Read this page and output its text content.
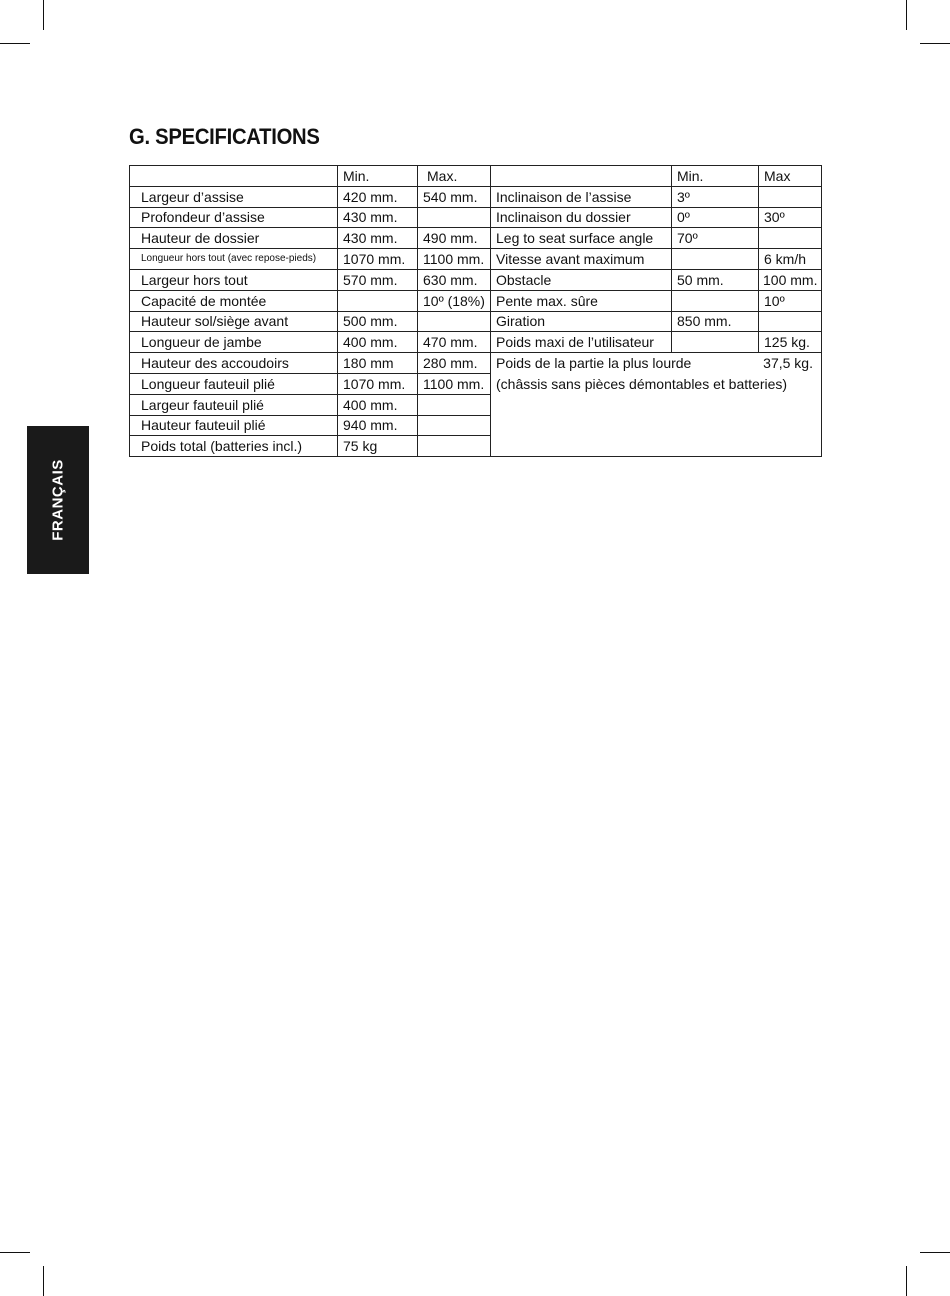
G. SPECIFICATIONS
	Min.	Max.		Min.	Max
Largeur d’assise	420 mm.	540 mm.	Inclinaison de l’assise	3º	
Profondeur d’assise	430 mm.		Inclinaison du dossier	0º	30º
Hauteur de dossier	430 mm.	490 mm.	Leg to seat surface angle	70º	
Longueur hors tout (avec repose-pieds)	1070 mm.	1100 mm.	Vitesse avant maximum		6 km/h
Largeur hors tout	570 mm.	630 mm.	Obstacle	50 mm.	100 mm.
Capacité de montée		10º (18%)	Pente max. sûre		10º
Hauteur sol/siège avant	500 mm.		Giration	850 mm.	
Longueur de jambe	400 mm.	470 mm.	Poids maxi de l’utilisateur		125 kg.
Hauteur des accoudoirs	180 mm	280 mm.	Poids de la partie la plus lourde 37,5 kg.
(châssis sans pièces démontables et batteries)		

Longueur fauteuil plié	1070 mm.	1100 mm.			
Largeur fauteuil plié	400 mm.				
Hauteur fauteuil plié	940 mm.				
Poids total (batteries incl.)	75 kg				
FRANÇAIS
